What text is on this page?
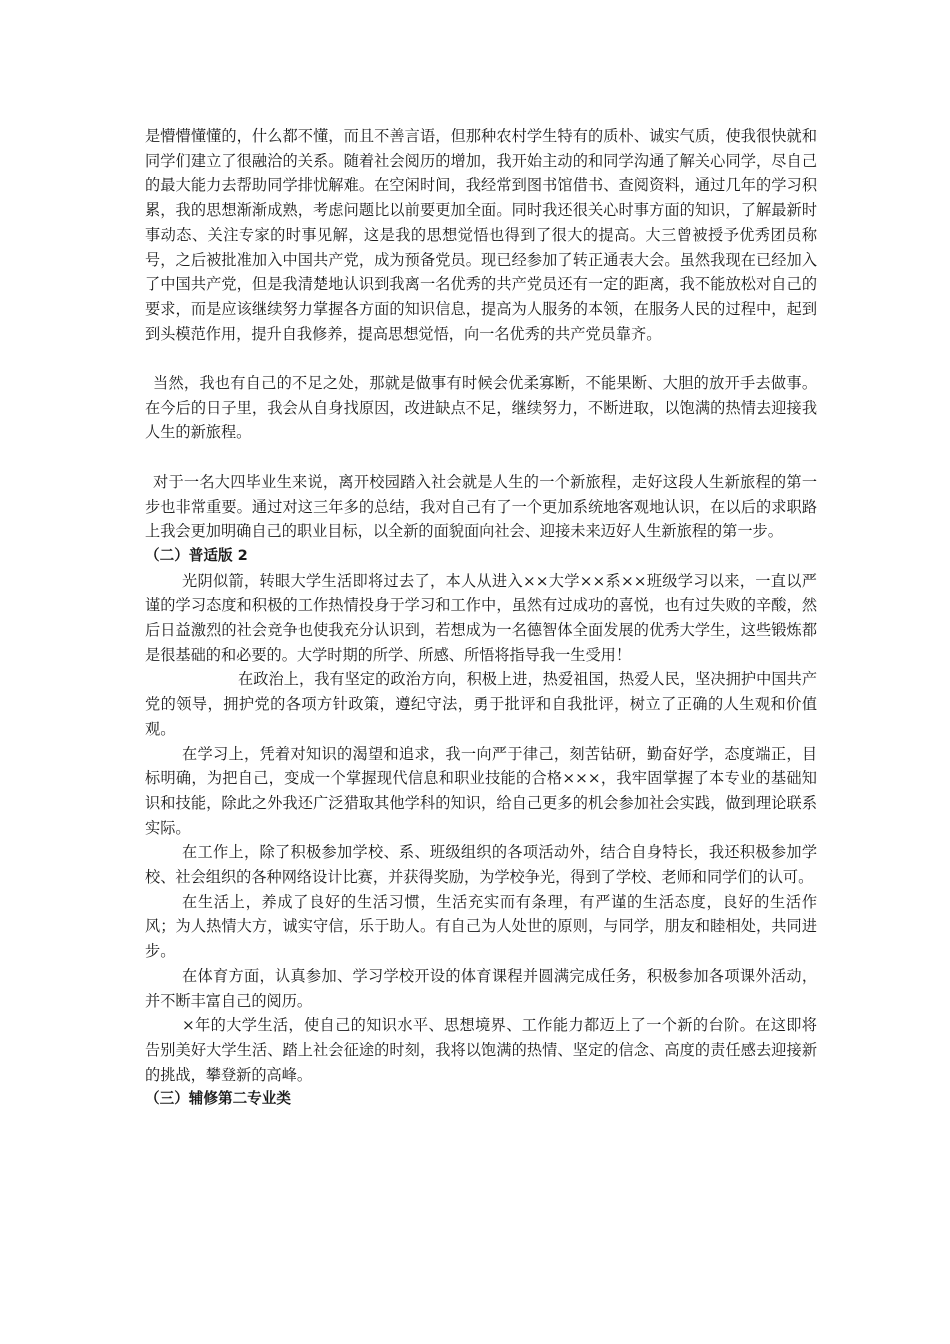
是懵懵懂懂的，什么都不懂，而且不善言语，但那种农村学生特有的质朴、诚实气质，使我很快就和同学们建立了很融洽的关系。随着社会阅历的增加，我开始主动的和同学沟通了解关心同学，尽自己的最大能力去帮助同学排忧解难。在空闲时间，我经常到图书馆借书、查阅资料，通过几年的学习积累，我的思想渐渐成熟，考虑问题比以前要更加全面。同时我还很关心时事方面的知识，了解最新时事动态、关注专家的时事见解，这是我的思想觉悟也得到了很大的提高。大三曾被授予优秀团员称号，之后被批准加入中国共产党，成为预备党员。现已经参加了转正通表大会。虽然我现在已经加入了中国共产党，但是我清楚地认识到我离一名优秀的共产党员还有一定的距离，我不能放松对自己的要求，而是应该继续努力掌握各方面的知识信息，提高为人服务的本领，在服务人民的过程中，起到到头模范作用，提升自我修养，提高思想觉悟，向一名优秀的共产党员靠齐。

当然，我也有自己的不足之处，那就是做事有时候会优柔寡断，不能果断、大胆的放开手去做事。在今后的日子里，我会从自身找原因，改进缺点不足，继续努力，不断进取，以饱满的热情去迎接我人生的新旅程。

对于一名大四毕业生来说，离开校园踏入社会就是人生的一个新旅程，走好这段人生新旅程的第一步也非常重要。通过对这三年多的总结，我对自己有了一个更加系统地客观地认识，在以后的求职路上我会更加明确自己的职业目标，以全新的面貌面向社会、迎接未来迈好人生新旅程的第一步。

（二）普适版 2

光阴似箭，转眼大学生活即将过去了，本人从进入××大学××系××班级学习以来，一直以严谨的学习态度和积极的工作热情投身于学习和工作中，虽然有过成功的喜悦，也有过失败的辛酸，然后日益激烈的社会竞争也使我充分认识到，若想成为一名德智体全面发展的优秀大学生，这些锻炼都是很基础的和必要的。大学时期的所学、所感、所悟将指导我一生受用！

在政治上，我有坚定的政治方向，积极上进，热爱祖国，热爱人民，坚决拥护中国共产党的领导，拥护党的各项方针政策，遵纪守法，勇于批评和自我批评，树立了正确的人生观和价值观。

在学习上，凭着对知识的渴望和追求，我一向严于律己，刻苦钻研，勤奋好学，态度端正，目标明确，为把自己，变成一个掌握现代信息和职业技能的合格×××，我牢固掌握了本专业的基础知识和技能，除此之外我还广泛猎取其他学科的知识，给自己更多的机会参加社会实践，做到理论联系实际。

在工作上，除了积极参加学校、系、班级组织的各项活动外，结合自身特长，我还积极参加学校、社会组织的各种网络设计比赛，并获得奖励，为学校争光，得到了学校、老师和同学们的认可。

在生活上，养成了良好的生活习惯，生活充实而有条理，有严谨的生活态度，良好的生活作风；为人热情大方，诚实守信，乐于助人。有自己为人处世的原则，与同学，朋友和睦相处，共同进步。

在体育方面，认真参加、学习学校开设的体育课程并圆满完成任务，积极参加各项课外活动，并不断丰富自己的阅历。

×年的大学生活，使自己的知识水平、思想境界、工作能力都迈上了一个新的台阶。在这即将告别美好大学生活、踏上社会征途的时刻，我将以饱满的热情、坚定的信念、高度的责任感去迎接新的挑战，攀登新的高峰。

（三）辅修第二专业类
